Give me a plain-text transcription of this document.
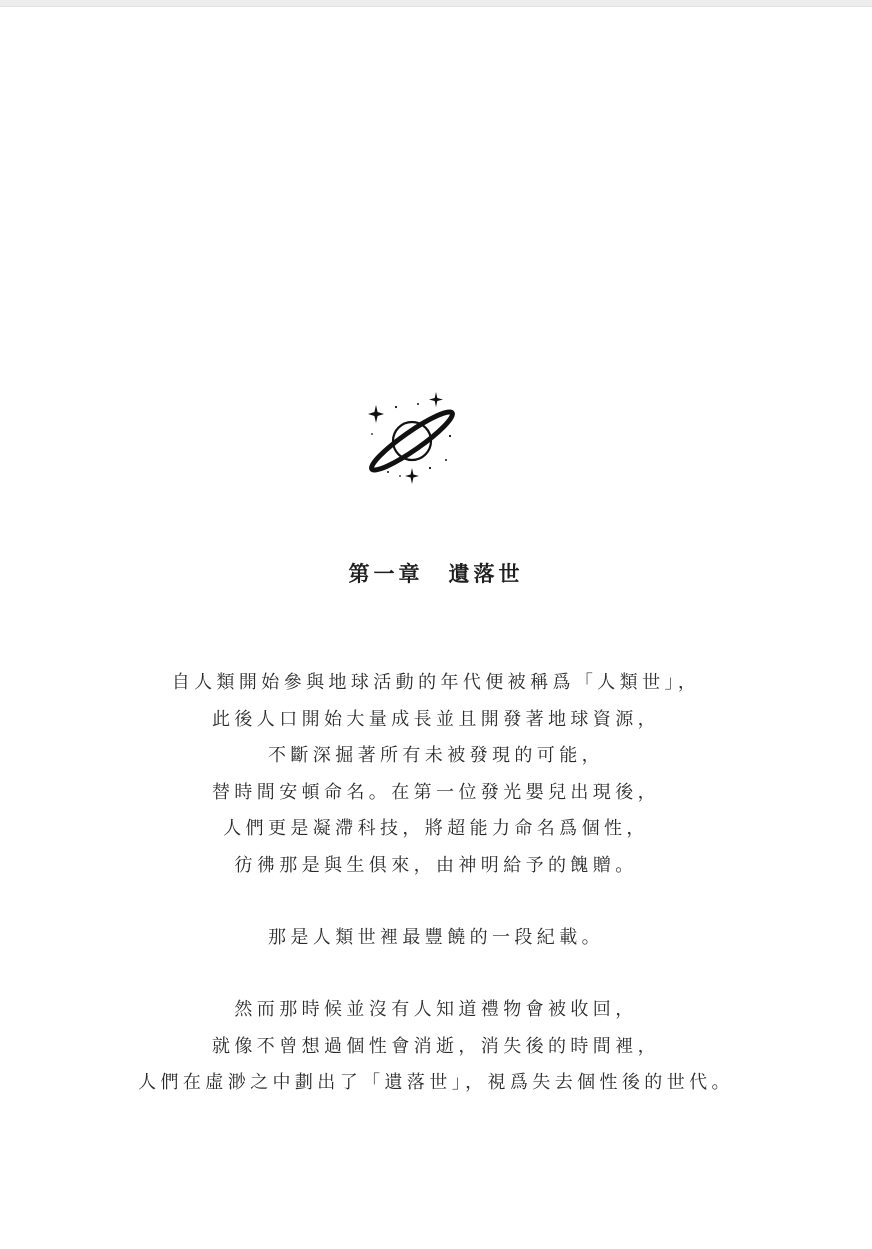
第一章　 遺落世
自人類開始參與地球活動的年代便被稱爲「人類世」，
此後人口開始大量成長並且開發著地球資源，
不斷深掘著所有未被發現的可能，
替時間安頓命名。在第一位發光嬰兒出現後，
人們更是凝滯科技，將超能力命名爲個性，
彷彿那是與生俱來，由神明給予的餽贈。
那是人類世裡最豐饒的一段紀載。
然而那時候並沒有人知道禮物會被收回，
就像不曾想過個性會消逝，消失後的時間裡，
人們在虛渺之中劃出了「遺落世」，視爲失去個性後的世代。
